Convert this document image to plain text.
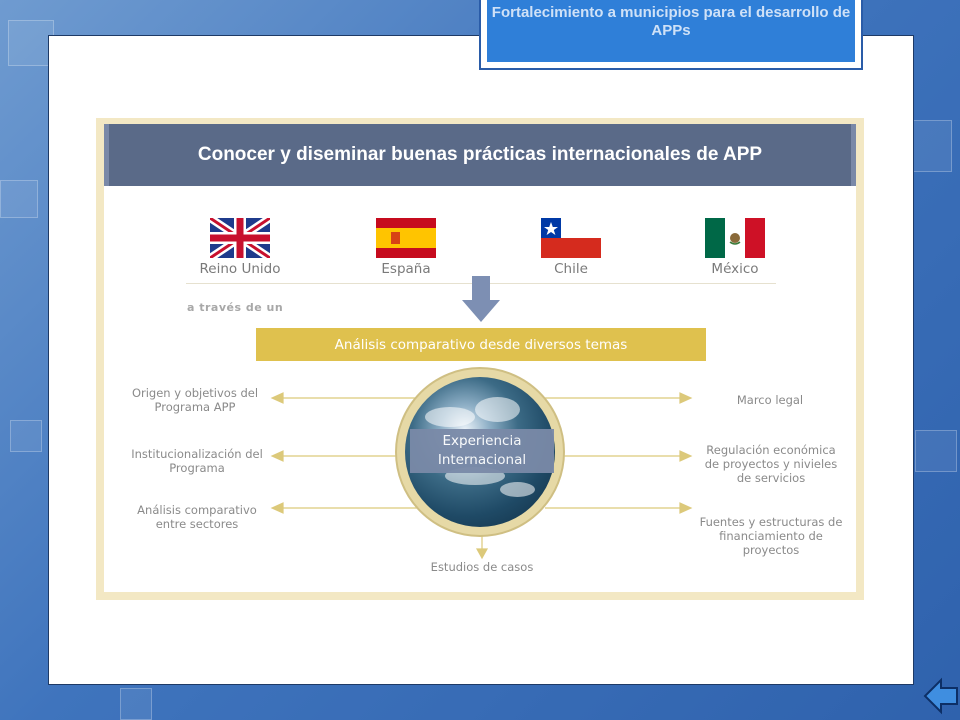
Fortalecimiento a municipios para el desarrollo de APPs
Conocer y diseminar buenas prácticas internacionales de APP
Reino Unido	España	Chile	México
a través de un
Análisis comparativo desde diversos temas
Experiencia Internacional
Origen y objetivos del Programa APP
Institucionalización del Programa
Análisis comparativo entre sectores
Marco legal
Regulación económica de proyectos y nivieles de servicios
Fuentes y estructuras de financiamiento de proyectos
Estudios de casos
